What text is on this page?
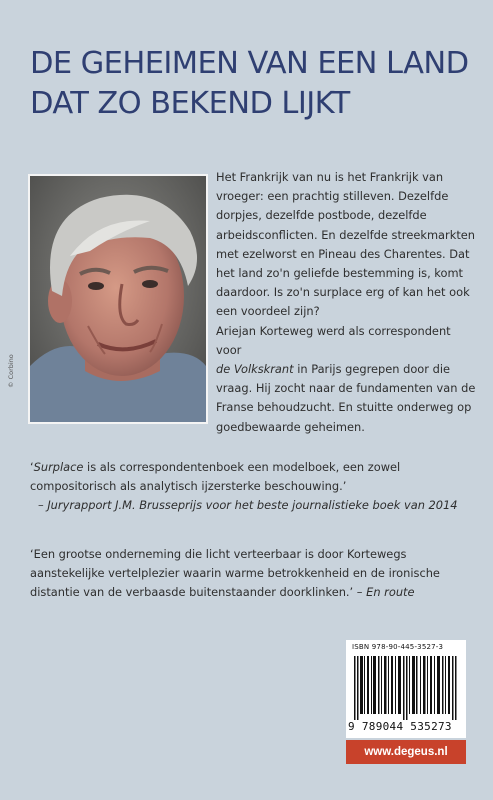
DE GEHEIMEN VAN EEN LAND
DAT ZO BEKEND LIJKT
© Corbino

Het Frankrijk van nu is het Frankrijk van
vroeger: een prachtig stilleven. Dezelfde
dorpjes, dezelfde postbode, dezelfde
arbeidsconflicten. En dezelfde streekmarkten
met ezelworst en Pineau des Charentes. Dat
het land zo'n geliefde bestemming is, komt
daardoor. Is zo'n surplace erg of kan het ook
een voordeel zijn?

Ariejan Korteweg werd als correspondent voor
de Volkskrant in Parijs gegrepen door die
vraag. Hij zocht naar de fundamenten van de
Franse behoudzucht. En stuitte onderweg op
goedbewaarde geheimen.

‘Surplace is als correspondentenboek een modelboek, een zowel
compositorisch als analytisch ijzersterke beschouwing.’
– Juryrapport J.M. Brusseprijs voor het beste journalistieke boek van 2014
‘Een grootse onderneming die licht verteerbaar is door Kortewegs
aanstekelijke vertelplezier waarin warme betrokkenheid en de ironische
distantie van de verbaasde buitenstaander doorklinken.’ – En route
ISBN 978-90-445-3527-3
9 789044 535273
www.degeus.nl
